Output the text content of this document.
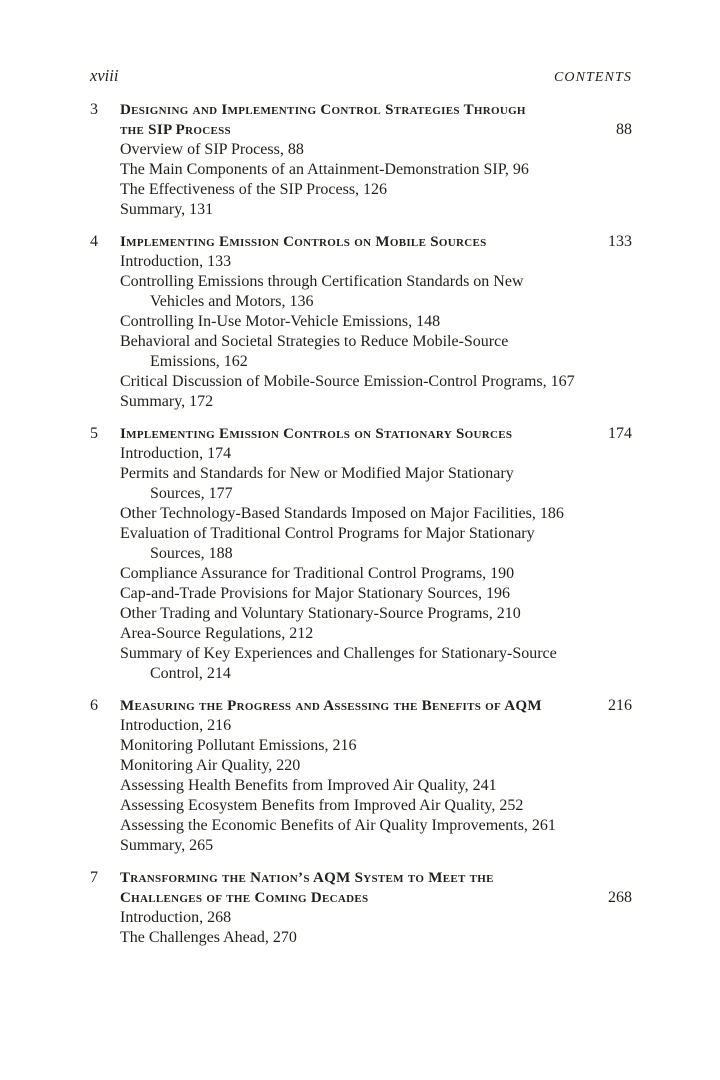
xviii	CONTENTS
3	Designing and Implementing Control Strategies Through
the SIP Process	88
Overview of SIP Process, 88
The Main Components of an Attainment-Demonstration SIP, 96
The Effectiveness of the SIP Process, 126
Summary, 131
4	Implementing Emission Controls on Mobile Sources	133
Introduction, 133
Controlling Emissions through Certification Standards on New
Vehicles and Motors, 136
Controlling In-Use Motor-Vehicle Emissions, 148
Behavioral and Societal Strategies to Reduce Mobile-Source
Emissions, 162
Critical Discussion of Mobile-Source Emission-Control Programs, 167
Summary, 172
5	Implementing Emission Controls on Stationary Sources	174
Introduction, 174
Permits and Standards for New or Modified Major Stationary
Sources, 177
Other Technology-Based Standards Imposed on Major Facilities, 186
Evaluation of Traditional Control Programs for Major Stationary
Sources, 188
Compliance Assurance for Traditional Control Programs, 190
Cap-and-Trade Provisions for Major Stationary Sources, 196
Other Trading and Voluntary Stationary-Source Programs, 210
Area-Source Regulations, 212
Summary of Key Experiences and Challenges for Stationary-Source
Control, 214
6	Measuring the Progress and Assessing the Benefits of AQM	216
Introduction, 216
Monitoring Pollutant Emissions, 216
Monitoring Air Quality, 220
Assessing Health Benefits from Improved Air Quality, 241
Assessing Ecosystem Benefits from Improved Air Quality, 252
Assessing the Economic Benefits of Air Quality Improvements, 261
Summary, 265
7	Transforming the Nation’s AQM System to Meet the
Challenges of the Coming Decades	268
Introduction, 268
The Challenges Ahead, 270
